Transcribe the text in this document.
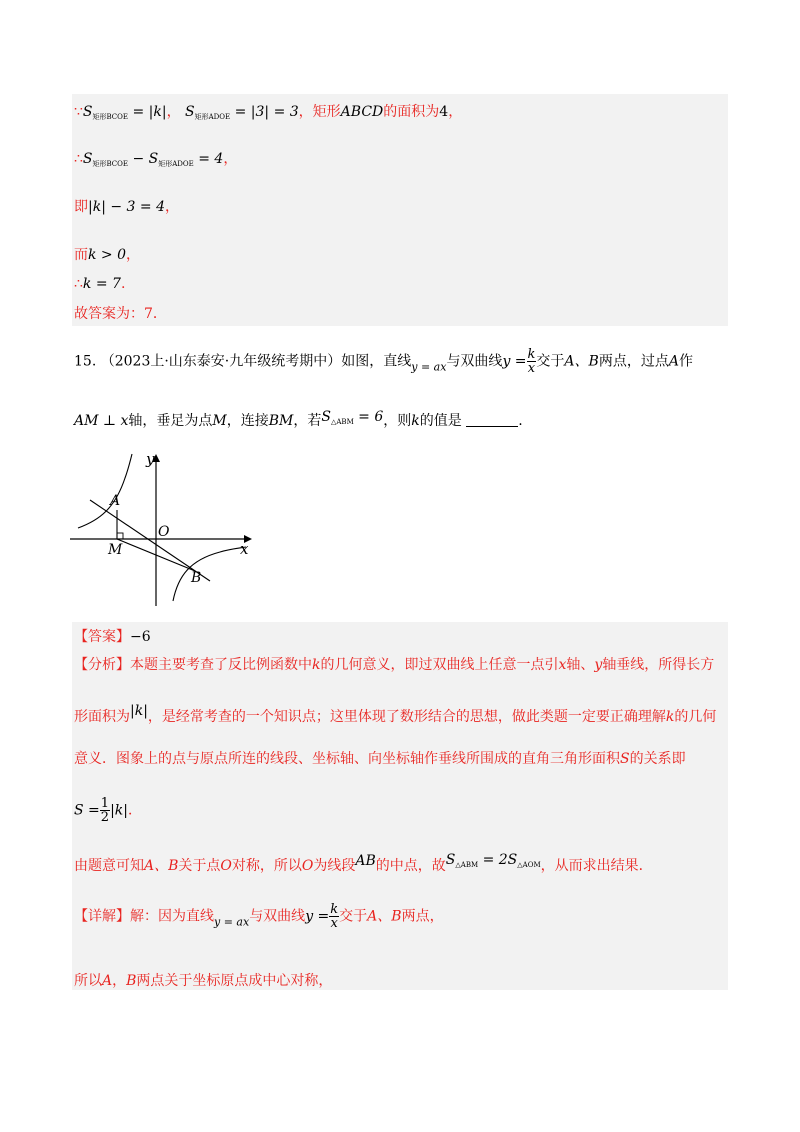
$\because S_{矩形BCOE} = |k|$， $S_{矩形ADOE} = |3| = 3$，矩形ABCD的面积为4，
$\therefore S_{矩形BCOE} - S_{矩形ADOE} = 4$，
即|k| − 3 = 4，
而k > 0，
∴k = 7.
故答案为：7．
15. （2023上·山东泰安·九年级统考期中）如图，直线$_{y = ax}$与双曲线$y = \frac{k}{x}$ 交于A、B两点，过点A作
AM ⊥ x轴，垂足为点M，连接BM，若$S_{\triangle ABM} = 6$，则k的值是	.
y
x
O
A
M
B
【答案】−6
【分析】本题主要考查了反比例函数中k的几何意义，即过双曲线上任意一点引x轴、y轴垂线，所得长方
形面积为|k|，是经常考查的一个知识点；这里体现了数形结合的思想，做此类题一定要正确理解k的几何
意义．图象上的点与原点所连的线段、坐标轴、向坐标轴作垂线所围成的直角三角形面积S的关系即
$S = \frac{1}{2} |k|$．
由题意可知A、B关于点O对称，所以O为线段AB的中点，故$S_{\triangle ABM} = 2S_{\triangle AOM}$，从而求出结果．
【详解】解：因为直线$_{y = ax}$与双曲线$y = \frac{k}{x}$ 交于A、B两点，
所以A，B两点关于坐标原点成中心对称，
